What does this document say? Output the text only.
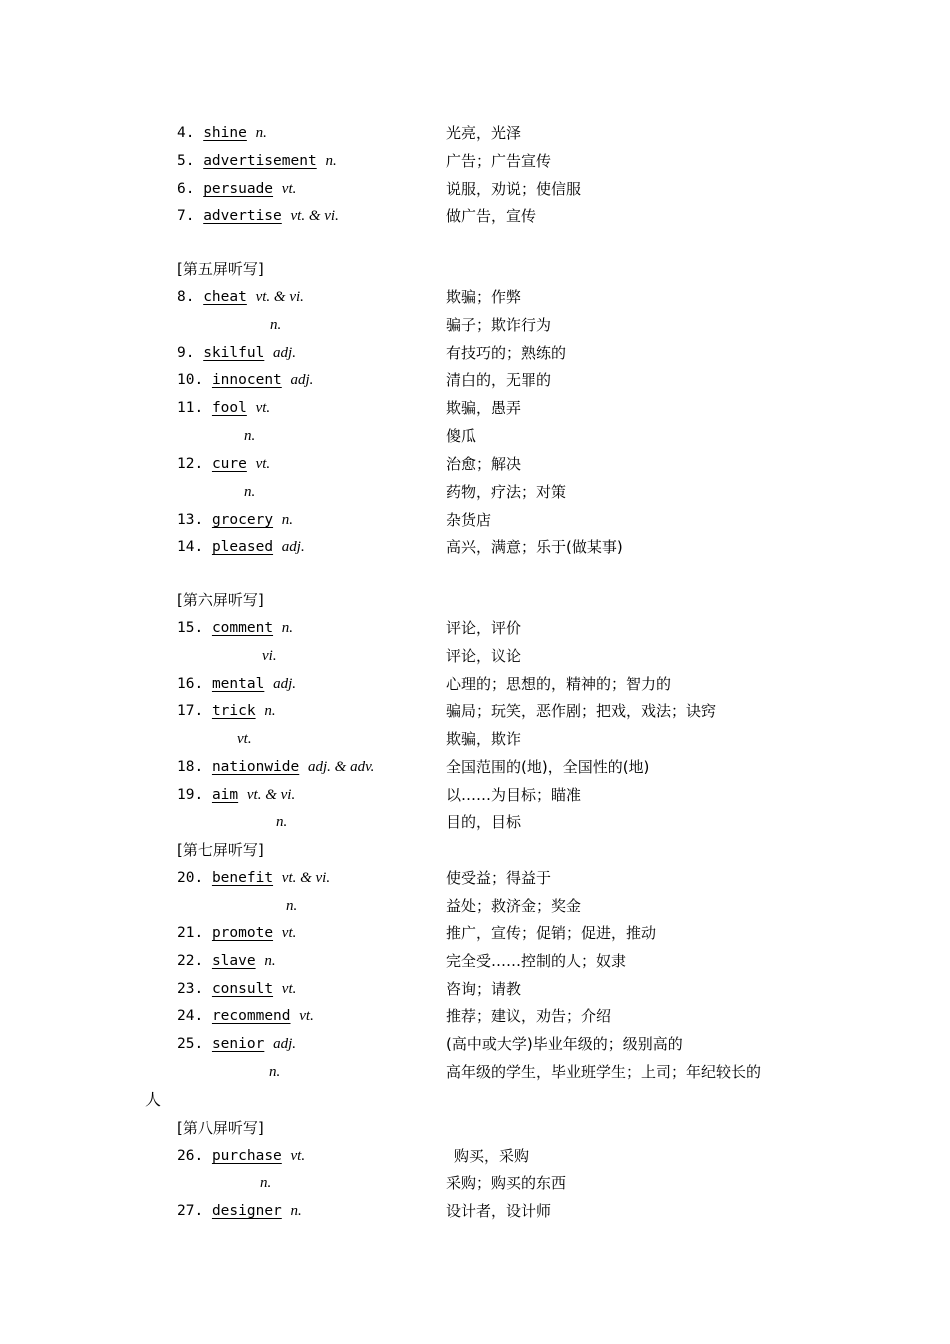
4. shine n.	光亮，光泽
5. advertisement n.	广告；广告宣传
6. persuade vt.	说服，劝说；使信服
7. advertise vt. & vi.	做广告，宣传
[第五屏听写]
8. cheat vt. & vi.	欺骗；作弊
n.	骗子；欺诈行为
9. skilful adj.	有技巧的；熟练的
10. innocent adj.	清白的，无罪的
11. fool vt.	欺骗，愚弄
n.	傻瓜
12. cure vt.	治愈；解决
n.	药物，疗法；对策
13. grocery n.	杂货店
14. pleased adj.	高兴，满意；乐于(做某事)
[第六屏听写]
15. comment n.	评论，评价
vi.	评论，议论
16. mental adj.	心理的；思想的，精神的；智力的
17. trick n.	骗局；玩笑，恶作剧；把戏，戏法；诀窍
vt.	欺骗，欺诈
18. nationwide adj. & adv.	全国范围的(地)，全国性的(地)
19. aim vt. & vi.	以……为目标；瞄准
n.	目的，目标
[第七屏听写]
20. benefit vt. & vi.	使受益；得益于
n.	益处；救济金；奖金
21. promote vt.	推广，宣传；促销；促进，推动
22. slave n.	完全受……控制的人；奴隶
23. consult vt.	咨询；请教
24. recommend vt.	推荐；建议，劝告；介绍
25. senior adj.	(高中或大学)毕业年级的；级别高的
n.	高年级的学生，毕业班学生；上司；年纪较长的
人
[第八屏听写]
26. purchase vt.	购买，采购
n.	采购；购买的东西
27. designer n.	设计者，设计师
